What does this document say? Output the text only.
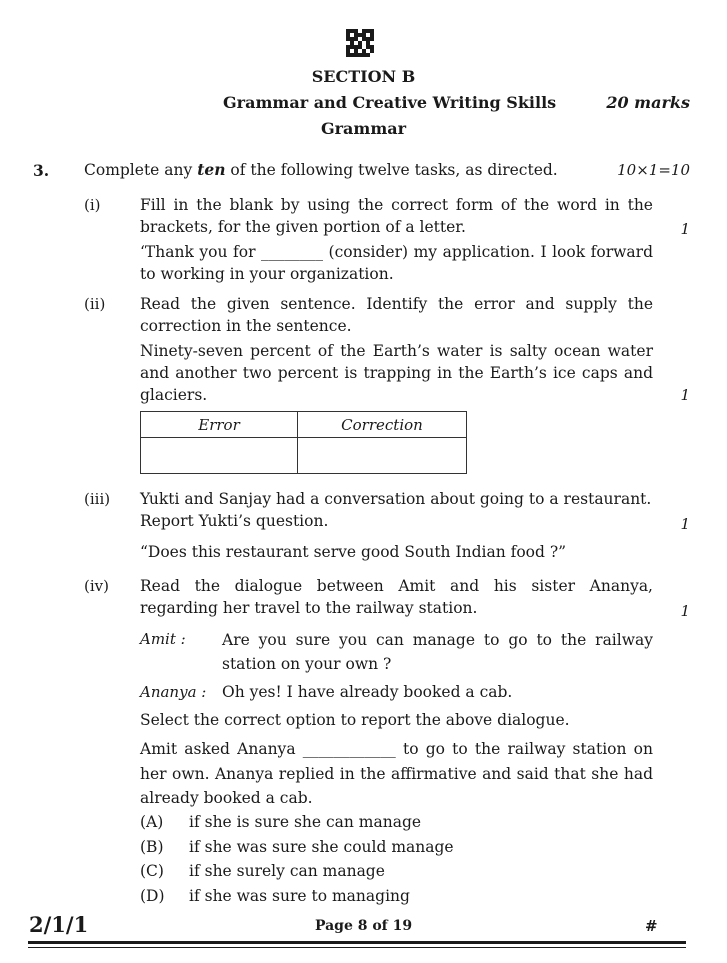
SECTION B
Grammar and Creative Writing Skills	20 marks
Grammar
3. Complete any ten of the following twelve tasks, as directed.	10×1=10
(i)	Fill in the blank by using the correct form of the word in the brackets, for the given portion of a letter.
‘Thank you for ________ (consider) my application. I look forward to working in your organization.
1
(ii) Read the given sentence. Identify the error and supply the correction in the sentence.
Ninety-seven percent of the Earth’s water is salty ocean water and another two percent is trapping in the Earth’s ice caps and glaciers.	1
Error	Correction

(iii) Yukti and Sanjay had a conversation about going to a restaurant. Report Yukti’s question.
“Does this restaurant serve good South Indian food ?”
1
(iv) Read the dialogue between Amit and his sister Ananya, regarding her travel to the railway station.	1
Amit : Are you sure you can manage to go to the railway station on your own ?
Ananya : Oh yes! I have already booked a cab.
Select the correct option to report the above dialogue.
Amit asked Ananya ____________ to go to the railway station on her own. Ananya replied in the affirmative and said that she had already booked a cab.
(A) if she is sure she can manage
(B) if she was sure she could manage
(C) if she surely can manage
(D) if she was sure to managing
2/1/1	Page 8 of 19	#
